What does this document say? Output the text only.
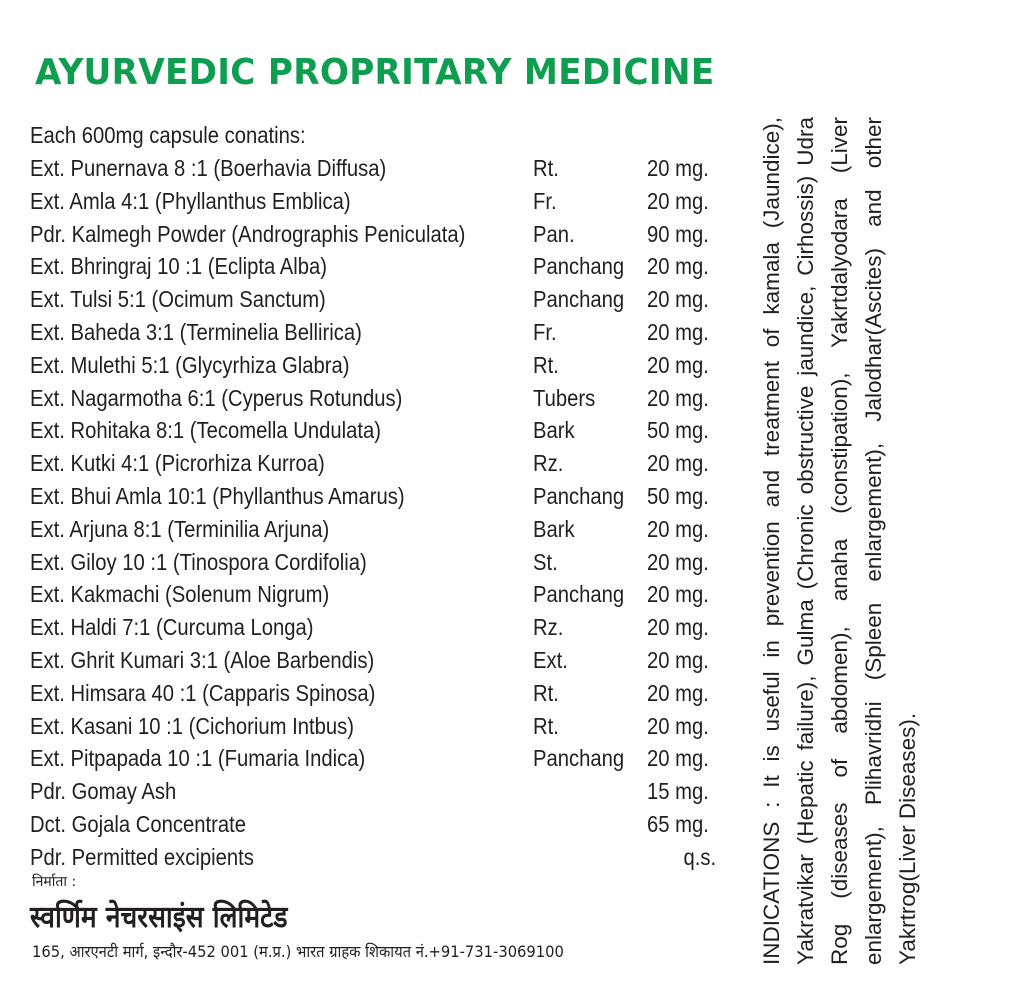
AYURVEDIC PROPRITARY MEDICINE
Each 600mg capsule conatins:
Ext. Punernava 8 :1 (Boerhavia Diffusa)	Rt.	20 mg.
Ext. Amla 4:1 (Phyllanthus Emblica)	Fr.	20 mg.
Pdr. Kalmegh Powder (Andrographis Peniculata)	Pan.	90 mg.
Ext. Bhringraj 10 :1 (Eclipta Alba)	Panchang 20 mg.
Ext. Tulsi 5:1 (Ocimum Sanctum)	Panchang 20 mg.
Ext. Baheda 3:1 (Terminelia Bellirica)	Fr.	20 mg.
Ext. Mulethi 5:1 (Glycyrhiza Glabra)	Rt.	20 mg.
Ext. Nagarmotha 6:1 (Cyperus Rotundus)	Tubers 20 mg.
Ext. Rohitaka 8:1 (Tecomella Undulata)	Bark	50 mg.
Ext. Kutki 4:1 (Picrorhiza Kurroa)	Rz.	20 mg.
Ext. Bhui Amla 10:1 (Phyllanthus Amarus)	Panchang 50 mg.
Ext. Arjuna 8:1 (Terminilia Arjuna)	Bark	20 mg.
Ext. Giloy 10 :1 (Tinospora Cordifolia)	St.	20 mg.
Ext. Kakmachi (Solenum Nigrum)	Panchang 20 mg.
Ext. Haldi 7:1 (Curcuma Longa)	Rz.	20 mg.
Ext. Ghrit Kumari 3:1 (Aloe Barbendis)	Ext.	20 mg.
Ext. Himsara 40 :1 (Capparis Spinosa)	Rt.	20 mg.
Ext. Kasani 10 :1 (Cichorium Intbus)	Rt.	20 mg.
Ext. Pitpapada 10 :1 (Fumaria Indica)	Panchang 20 mg.
Pdr. Gomay Ash	15 mg.
Dct. Gojala Concentrate	65 mg.
Pdr. Permitted excipients	q.s.
निर्माता :
स्वर्णिम नेचरसाइंस लिमिटेड
165, आरएनटी मार्ग, इन्दौर-452 001 (म.प्र.) भारत ग्राहक शिकायत नं.+91-731-3069100	INDICATIONS : It is useful in prevention and treatment of kamala (Jaundice), Yakratvikar (Hepatic failure), Gulma (Chronic obstructive jaundice, Cirhossis) Udra Rog (diseases of abdomen), anaha (constipation), Yakrtdalyodara (Liver enlargement), Plihavridhi (Spleen enlargement), Jalodhar(Ascites) and other Yakrtrog(Liver Diseases).
